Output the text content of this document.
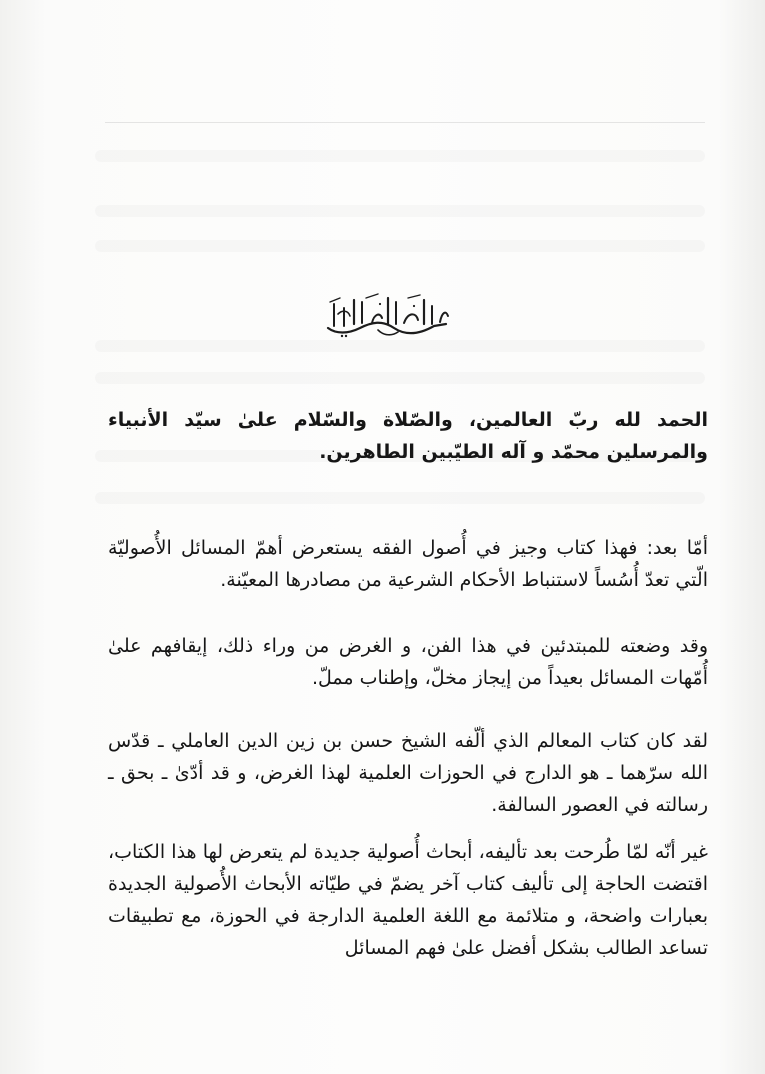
الحمد لله ربّ العالمين، والصّلاة والسّلام علىٰ سيّد الأنبياء والمرسلين محمّد و آله الطيّبين الطاهرين.
أمّا بعد: فهذا كتاب وجيز في أُصول الفقه يستعرض أهمّ المسائل الأُصوليّة الّتي تعدّ أُسُساً لاستنباط الأحكام الشرعية من مصادرها المعيّنة.
وقد وضعته للمبتدئين في هذا الفن، و الغرض من وراء ذلك، إيقافهم علىٰ أُمّهات المسائل بعيداً من إيجاز مخلّ، وإطناب مملّ.
لقد كان كتاب المعالم الذي ألّفه الشيخ حسن بن زين الدين العاملي ـ قدّس الله سرّهما ـ هو الدارج في الحوزات العلمية لهذا الغرض، و قد أدّىٰ ـ بحق ـ رسالته في العصور السالفة.
غير أنّه لمّا طُرحت بعد تأليفه، أبحاث أُصولية جديدة لم يتعرض لها هذا الكتاب، اقتضت الحاجة إلى تأليف كتاب آخر يضمّ في طيّاته الأبحاث الأُصولية الجديدة بعبارات واضحة، و متلائمة مع اللغة العلمية الدارجة في الحوزة، مع تطبيقات تساعد الطالب بشكل أفضل علىٰ فهم المسائل
